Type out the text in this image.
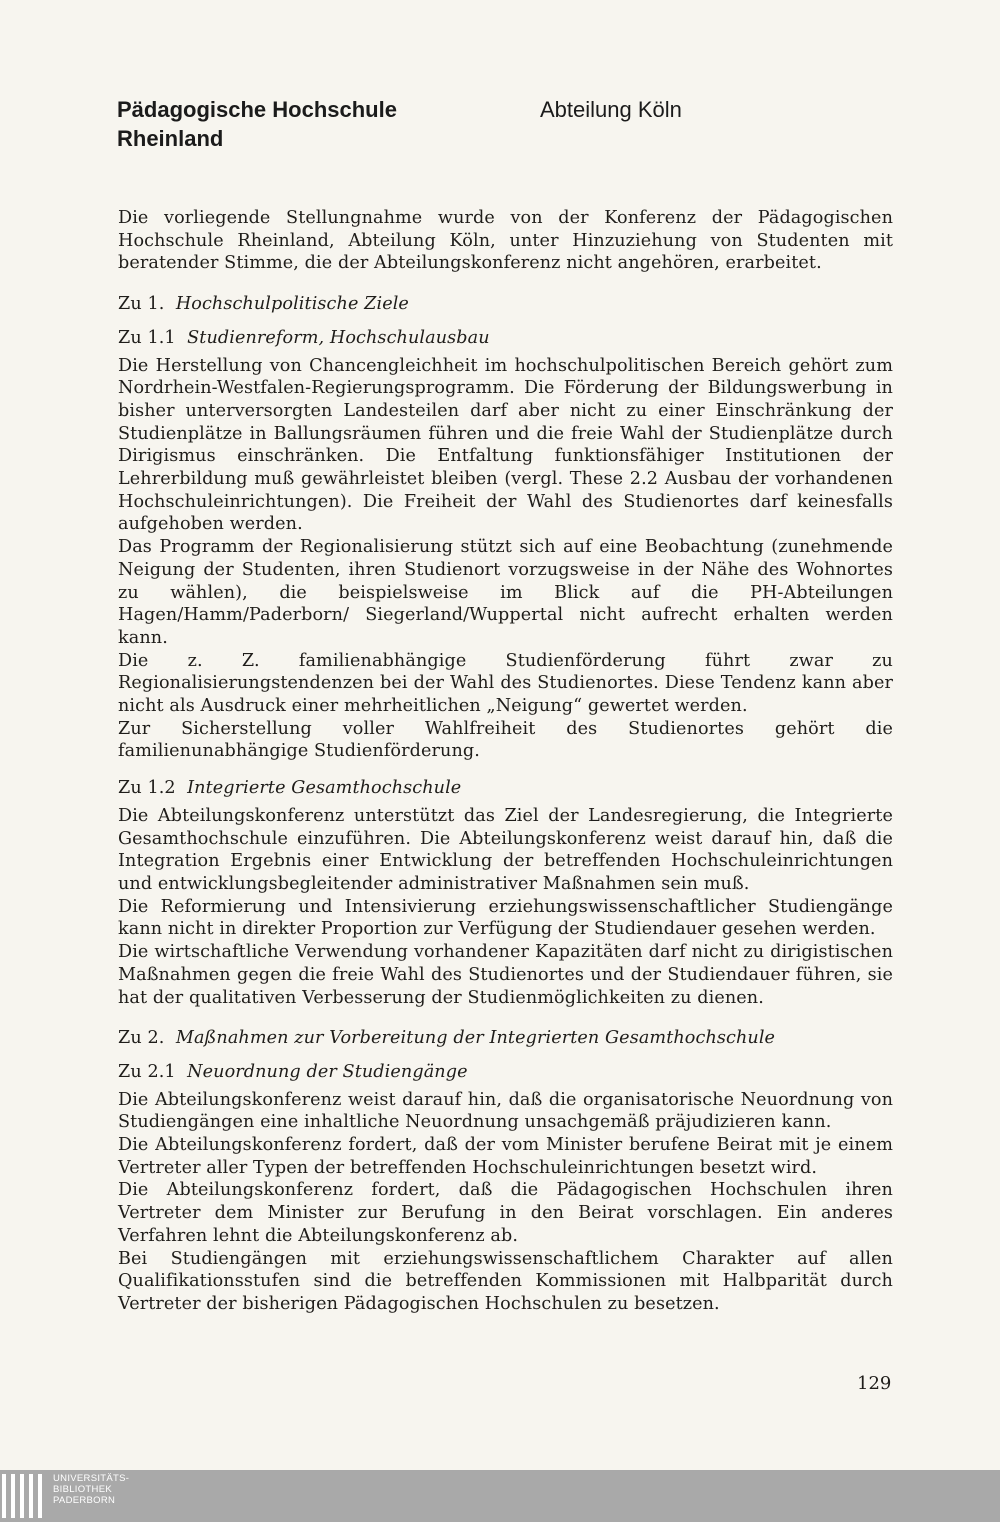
Pädagogische Hochschule
Rheinland
Abteilung Köln

Die vorliegende Stellungnahme wurde von der Konferenz der Pädagogischen Hochschule Rheinland, Abteilung Köln, unter Hinzuziehung von Studenten mit beratender Stimme, die der Abteilungskonferenz nicht angehören, erarbeitet.

Zu 1. Hochschulpolitische Ziele

Zu 1.1 Studienreform, Hochschulausbau

Die Herstellung von Chancengleichheit im hochschulpolitischen Bereich gehört zum Nordrhein-Westfalen-Regierungsprogramm. Die Förderung der Bildungswerbung in bisher unterversorgten Landesteilen darf aber nicht zu einer Einschränkung der Studienplätze in Ballungsräumen führen und die freie Wahl der Studienplätze durch Dirigismus einschränken. Die Entfaltung funktionsfähiger Institutionen der Lehrerbildung muß gewährleistet bleiben (vergl. These 2.2 Ausbau der vorhandenen Hochschuleinrichtungen). Die Freiheit der Wahl des Studienortes darf keinesfalls aufgehoben werden.

Das Programm der Regionalisierung stützt sich auf eine Beobachtung (zunehmende Neigung der Studenten, ihren Studienort vorzugsweise in der Nähe des Wohnortes zu wählen), die beispielsweise im Blick auf die PH-Abteilungen Hagen/Hamm/Paderborn/ Siegerland/Wuppertal nicht aufrecht erhalten werden kann.

Die z. Z. familienabhängige Studienförderung führt zwar zu Regionalisierungstendenzen bei der Wahl des Studienortes. Diese Tendenz kann aber nicht als Ausdruck einer mehrheitlichen „Neigung“ gewertet werden.

Zur Sicherstellung voller Wahlfreiheit des Studienortes gehört die familienunabhängige Studienförderung.

Zu 1.2 Integrierte Gesamthochschule

Die Abteilungskonferenz unterstützt das Ziel der Landesregierung, die Integrierte Gesamthochschule einzuführen. Die Abteilungskonferenz weist darauf hin, daß die Integration Ergebnis einer Entwicklung der betreffenden Hochschuleinrichtungen und entwicklungsbegleitender administrativer Maßnahmen sein muß.

Die Reformierung und Intensivierung erziehungswissenschaftlicher Studiengänge kann nicht in direkter Proportion zur Verfügung der Studiendauer gesehen werden.

Die wirtschaftliche Verwendung vorhandener Kapazitäten darf nicht zu dirigistischen Maßnahmen gegen die freie Wahl des Studienortes und der Studiendauer führen, sie hat der qualitativen Verbesserung der Studienmöglichkeiten zu dienen.

Zu 2. Maßnahmen zur Vorbereitung der Integrierten Gesamthochschule

Zu 2.1 Neuordnung der Studiengänge

Die Abteilungskonferenz weist darauf hin, daß die organisatorische Neuordnung von Studiengängen eine inhaltliche Neuordnung unsachgemäß präjudizieren kann.

Die Abteilungskonferenz fordert, daß der vom Minister berufene Beirat mit je einem Vertreter aller Typen der betreffenden Hochschuleinrichtungen besetzt wird.

Die Abteilungskonferenz fordert, daß die Pädagogischen Hochschulen ihren Vertreter dem Minister zur Berufung in den Beirat vorschlagen. Ein anderes Verfahren lehnt die Abteilungskonferenz ab.

Bei Studiengängen mit erziehungswissenschaftlichem Charakter auf allen Qualifikationsstufen sind die betreffenden Kommissionen mit Halbparität durch Vertreter der bisherigen Pädagogischen Hochschulen zu besetzen.

129
UNIVERSITÄTS-
BIBLIOTHEK
PADERBORN
